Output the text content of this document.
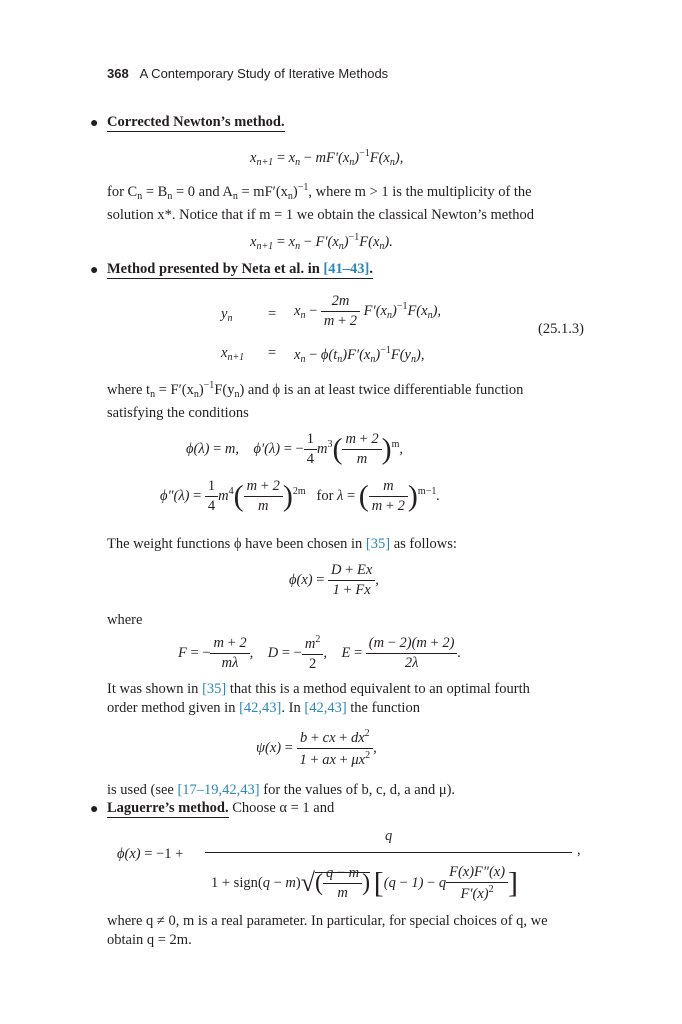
368 A Contemporary Study of Iterative Methods
● Corrected Newton’s method.
$x_{n+1} = x_n - mF'(x_n)^{-1}F(x_n)$,
for $C_n = B_n = 0$ and $A_n = mF'(x_n)^{-1}$, where m > 1 is the multiplicity of the
solution x*. Notice that if m = 1 we obtain the classical Newton’s method
$x_{n+1} = x_n - F'(x_n)^{-1}F(x_n)$.
● Method presented by Neta et al. in [41–43].
$y_n = x_n - \frac{2m}{m + 2} F'(x_n)^{-1}F(x_n)$,
(25.1.3)
$x_{n+1} = x_n - \phi(t_n)F'(x_n)^{-1}F(y_n)$,
where $t_n = F'(x_n)^{-1}F(y_n)$ and ϕ is an at least twice differentiable function
satisfying the conditions
ϕ(λ) = m,    ϕ′(λ) = − $\frac{1}{4} m^3( \frac{m + 2}{m} )^m$,
$\phi''(\lambda) = \frac{1}{4} m^4( \frac{m + 2}{m} )^{2m}$ for λ = ( $\frac{m}{m + 2} )^{m-1}$.
The weight functions ϕ have been chosen in [35] as follows:
$\phi(x) = \frac{D + Ex}{1 + Fx}$ ,
where
F = − $\frac{m + 2}{m\lambda}$ ,    D = − $\frac{m^2}{2}$ ,    $E = \frac{(m - 2)(m + 2)}{2\lambda}$ .
It was shown in [35] that this is a method equivalent to an optimal fourth
order method given in [42,43]. In [42,43] the function
$\psi(x) = \frac{b + cx + dx^2}{1 + ax + \mu x^2}$ ,
is used (see [17–19,42,43] for the values of b, c, d, a and μ).
● Laguerre’s method. Choose α = 1 and
ϕ(x) = −1 +
q
,
1 + sign(q − $m)√( \frac{q - m}{m}$ ) [(q − 1) − q $\frac{F(x)F''(x)}{F'(x)^2}$ ]
where q ≠ 0, m is a real parameter. In particular, for special choices of q, we
obtain q = 2m.
